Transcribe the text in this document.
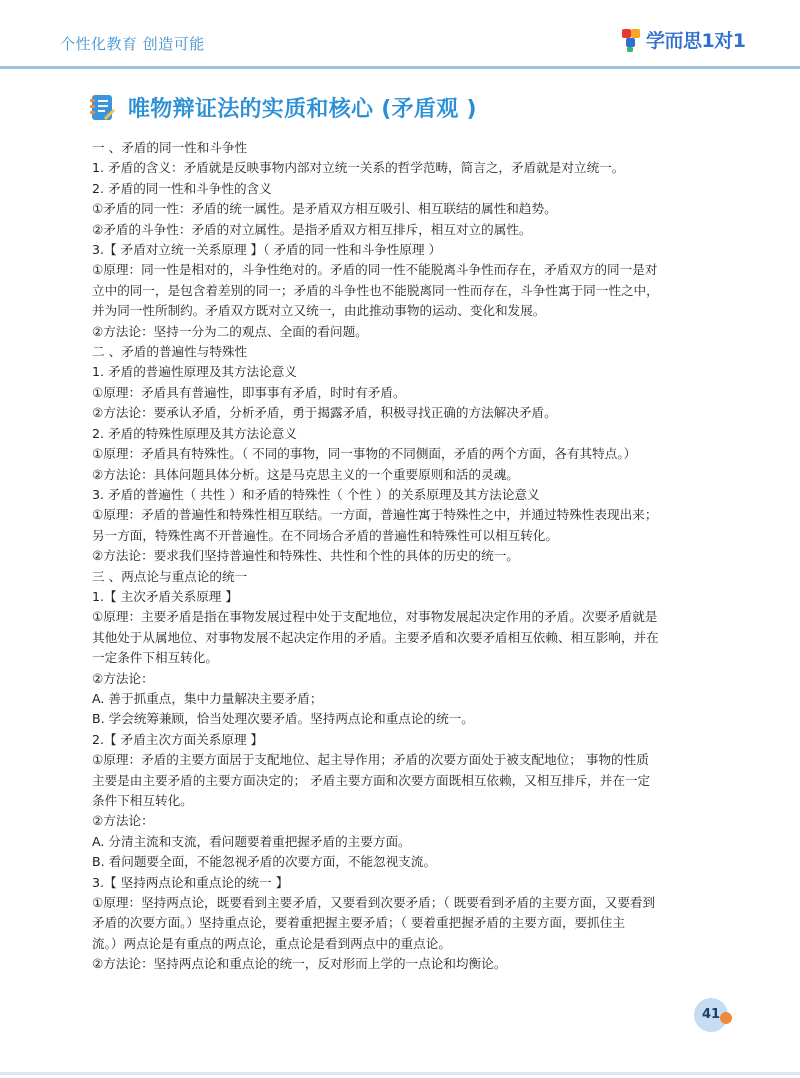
个性化教育 创造可能	学而思1对1
唯物辩证法的实质和核心 (矛盾观 )

一 、矛盾的同一性和斗争性

1. 矛盾的含义：矛盾就是反映事物内部对立统一关系的哲学范畴，简言之，矛盾就是对立统一。

2. 矛盾的同一性和斗争性的含义

①矛盾的同一性：矛盾的统一属性。是矛盾双方相互吸引、相互联结的属性和趋势。

②矛盾的斗争性：矛盾的对立属性。是指矛盾双方相互排斥，相互对立的属性。

3.【 矛盾对立统一关系原理 】（ 矛盾的同一性和斗争性原理 ）

①原理：同一性是相对的，斗争性绝对的。矛盾的同一性不能脱离斗争性而存在，矛盾双方的同一是对

立中的同一，是包含着差别的同一；矛盾的斗争性也不能脱离同一性而存在，斗争性寓于同一性之中，

并为同一性所制约。矛盾双方既对立又统一，由此推动事物的运动、变化和发展。

②方法论：坚持一分为二的观点、全面的看问题。

二 、矛盾的普遍性与特殊性

1. 矛盾的普遍性原理及其方法论意义

①原理：矛盾具有普遍性，即事事有矛盾，时时有矛盾。

②方法论：要承认矛盾，分析矛盾，勇于揭露矛盾，积极寻找正确的方法解决矛盾。

2. 矛盾的特殊性原理及其方法论意义

①原理：矛盾具有特殊性。（ 不同的事物，同一事物的不同侧面，矛盾的两个方面，各有其特点。）

②方法论：具体问题具体分析。这是马克思主义的一个重要原则和活的灵魂。

3. 矛盾的普遍性（ 共性 ）和矛盾的特殊性（ 个性 ）的关系原理及其方法论意义

①原理：矛盾的普遍性和特殊性相互联结。一方面，普遍性寓于特殊性之中，并通过特殊性表现出来；

另一方面，特殊性离不开普遍性。在不同场合矛盾的普遍性和特殊性可以相互转化。

②方法论：要求我们坚持普遍性和特殊性、共性和个性的具体的历史的统一。

三 、两点论与重点论的统一

1.【 主次矛盾关系原理 】

①原理：主要矛盾是指在事物发展过程中处于支配地位，对事物发展起决定作用的矛盾。次要矛盾就是

其他处于从属地位、对事物发展不起决定作用的矛盾。主要矛盾和次要矛盾相互依赖、相互影响，并在

一定条件下相互转化。

②方法论：

A. 善于抓重点，集中力量解决主要矛盾；

B. 学会统筹兼顾，恰当处理次要矛盾。坚持两点论和重点论的统一。

2.【 矛盾主次方面关系原理 】

①原理：矛盾的主要方面居于支配地位、起主导作用；矛盾的次要方面处于被支配地位； 事物的性质

主要是由主要矛盾的主要方面决定的； 矛盾主要方面和次要方面既相互依赖，又相互排斥，并在一定

条件下相互转化。

②方法论：

A. 分清主流和支流，看问题要着重把握矛盾的主要方面。

B. 看问题要全面，不能忽视矛盾的次要方面，不能忽视支流。

3.【 坚持两点论和重点论的统一 】

①原理：坚持两点论，既要看到主要矛盾，又要看到次要矛盾；（ 既要看到矛盾的主要方面，又要看到

矛盾的次要方面。）坚持重点论，要着重把握主要矛盾；（ 要着重把握矛盾的主要方面，要抓住主

流。）两点论是有重点的两点论，重点论是看到两点中的重点论。

②方法论：坚持两点论和重点论的统一，反对形而上学的一点论和均衡论。

41
